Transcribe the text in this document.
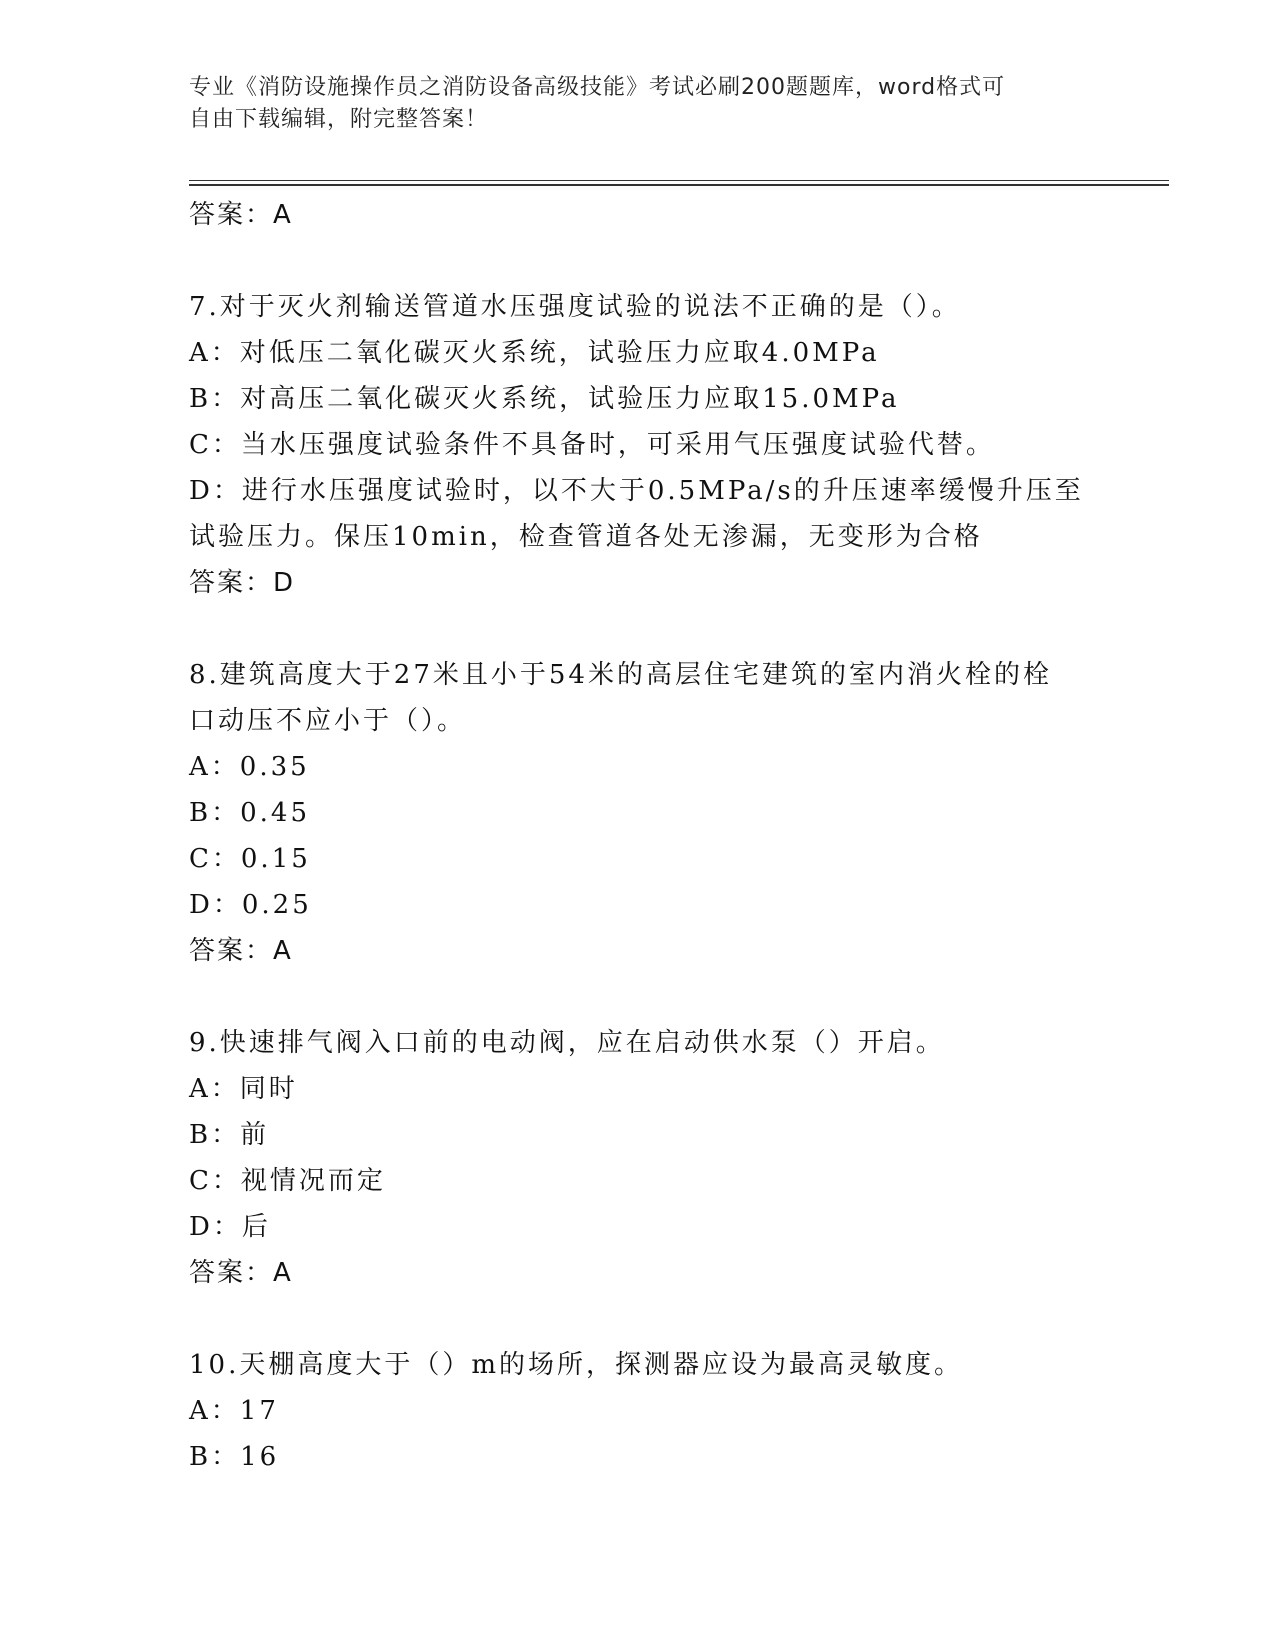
专业《消防设施操作员之消防设备高级技能》考试必刷200题题库，word格式可
自由下载编辑，附完整答案！
答案：A
7.对于灭火剂输送管道水压强度试验的说法不正确的是（）。
A：对低压二氧化碳灭火系统，试验压力应取4.0MPa
B：对高压二氧化碳灭火系统，试验压力应取15.0MPa
C：当水压强度试验条件不具备时，可采用气压强度试验代替。
D：进行水压强度试验时，以不大于0.5MPa/s的升压速率缓慢升压至
试验压力。保压10min，检查管道各处无渗漏，无变形为合格
答案：D
8.建筑高度大于27米且小于54米的高层住宅建筑的室内消火栓的栓
口动压不应小于（）。
A：0.35
B：0.45
C：0.15
D：0.25
答案：A
9.快速排气阀入口前的电动阀，应在启动供水泵（）开启。
A：同时
B：前
C：视情况而定
D：后
答案：A
10.天棚高度大于（）m的场所，探测器应设为最高灵敏度。
A：17
B：16
